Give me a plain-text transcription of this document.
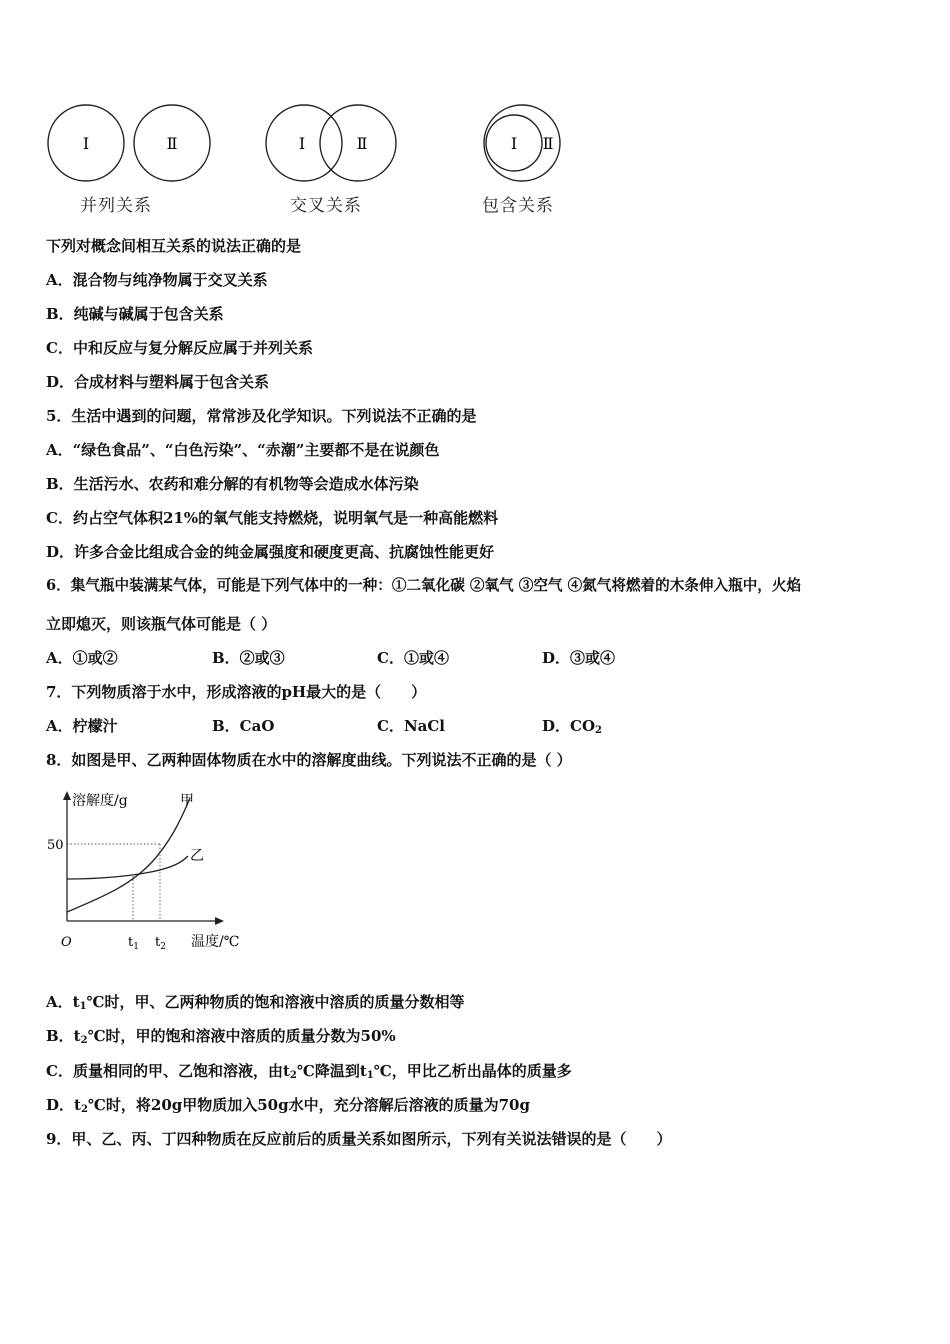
Ⅰ	Ⅱ	Ⅰ	Ⅱ	Ⅰ Ⅱ
并列关系	交叉关系	包含关系
下列对概念间相互关系的说法正确的是
A．混合物与纯净物属于交叉关系
B．纯碱与碱属于包含关系
C．中和反应与复分解反应属于并列关系
D．合成材料与塑料属于包含关系
5．生活中遇到的问题，常常涉及化学知识。下列说法不正确的是
A．“绿色食品”、“白色污染”、“赤潮”主要都不是在说颜色
B．生活污水、农药和难分解的有机物等会造成水体污染
C．约占空气体积21%的氧气能支持燃烧，说明氧气是一种高能燃料
D．许多合金比组成合金的纯金属强度和硬度更高、抗腐蚀性能更好
6．集气瓶中装满某气体，可能是下列气体中的一种：①二氧化碳 ②氧气 ③空气 ④氮气将燃着的木条伸入瓶中，火焰
立即熄灭，则该瓶气体可能是（ ）
A．①或②	B．②或③	C．①或④	D．③或④
7．下列物质溶于水中，形成溶液的pH最大的是（　　）
A．柠檬汁	B．CaO	C．NaCl	D．$CO_2$
8．如图是甲、乙两种固体物质在水中的溶解度曲线。下列说法不正确的是（ ）
溶解度/g	甲
乙
50
O	$t_1$ $t_2$ 温度/℃
A．$t_1℃$时，甲、乙两种物质的饱和溶液中溶质的质量分数相等
B．$t_2℃$时，甲的饱和溶液中溶质的质量分数为50%
C．质量相同的甲、乙饱和溶液，由$t_2℃$降温到$t_1℃$，甲比乙析出晶体的质量多
D．$t_2℃$时，将20g甲物质加入50g水中，充分溶解后溶液的质量为70g
9．甲、乙、丙、丁四种物质在反应前后的质量关系如图所示，下列有关说法错误的是（　　）
